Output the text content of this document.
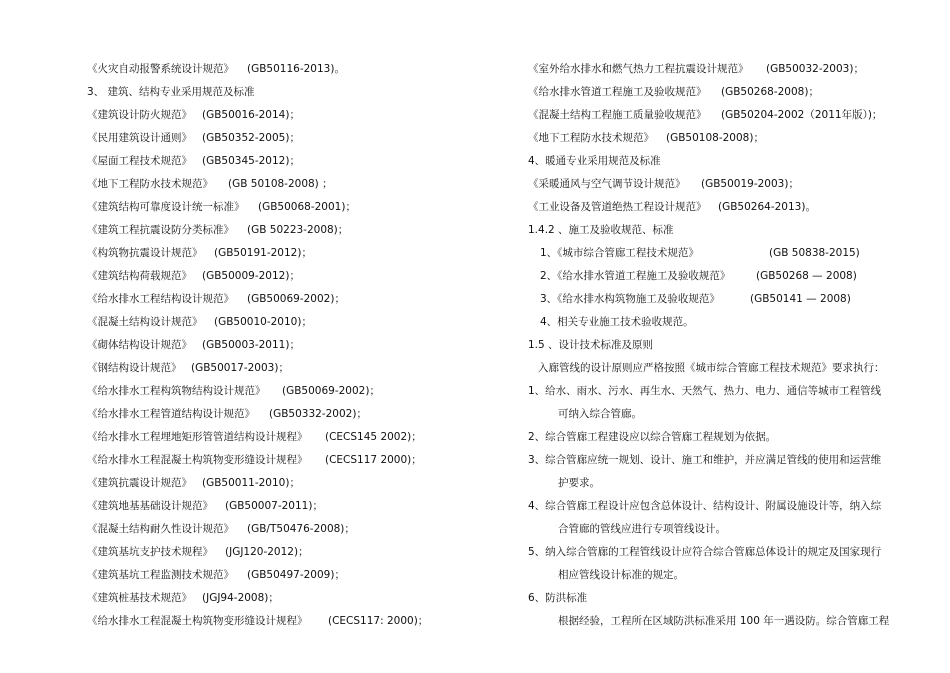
《火灾自动报警系统设计规范》 (GB50116-2013)。
3、 建筑、结构专业采用规范及标准
《建筑设计防火规范》 (GB50016-2014)；
《民用建筑设计通则》 (GB50352-2005)；
《屋面工程技术规范》 (GB50345-2012)；
《地下工程防水技术规范》 (GB 50108-2008) ；
《建筑结构可靠度设计统一标准》 (GB50068-2001)；
《建筑工程抗震设防分类标准》 (GB 50223-2008)；
《构筑物抗震设计规范》 (GB50191-2012)；
《建筑结构荷载规范》 (GB50009-2012)；
《给水排水工程结构设计规范》 (GB50069-2002)；
《混凝土结构设计规范》 (GB50010-2010)；
《砌体结构设计规范》 (GB50003-2011)；
《钢结构设计规范》 (GB50017-2003)；
《给水排水工程构筑物结构设计规范》 (GB50069-2002)；
《给水排水工程管道结构设计规范》 (GB50332-2002)；
《给水排水工程埋地矩形管管道结构设计规程》 (CECS145 2002)；
《给水排水工程混凝土构筑物变形缝设计规程》 (CECS117 2000)；
《建筑抗震设计规范》 (GB50011-2010)；
《建筑地基基础设计规范》 (GB50007-2011)；
《混凝土结构耐久性设计规范》 (GB/T50476-2008)；
《建筑基坑支护技术规程》 (JGJ120-2012)；
《建筑基坑工程监测技术规范》 (GB50497-2009)；
《建筑桩基技术规范》 (JGJ94-2008)；
《给水排水工程混凝土构筑物变形缝设计规程》 (CECS117: 2000)；
《室外给水排水和燃气热力工程抗震设计规范》 (GB50032-2003)；
《给水排水管道工程施工及验收规范》 (GB50268-2008)；
《混凝土结构工程施工质量验收规范》 (GB50204-2002（2011年版）)；
《地下工程防水技术规范》 (GB50108-2008)；
4、暖通专业采用规范及标准
《采暖通风与空气调节设计规范》 (GB50019-2003)；
《工业设备及管道绝热工程设计规范》 (GB50264-2013)。
1.4.2 、施工及验收规范、标准
1、《城市综合管廊工程技术规范》	(GB 50838-2015)
2、《给水排水管道工程施工及验收规范》 (GB50268 — 2008)
3、《给水排水构筑物施工及验收规范》	(GB50141 — 2008)
4、相关专业施工技术验收规范。
1.5 、设计技术标准及原则
入廊管线的设计原则应严格按照《城市综合管廊工程技术规范》要求执行：
1、给水、雨水、污水、再生水、天然气、热力、电力、通信等城市工程管线
可纳入综合管廊。
2、综合管廊工程建设应以综合管廊工程规划为依据。
3、综合管廊应统一规划、设计、施工和维护，并应满足管线的使用和运营维
护要求。
4、综合管廊工程设计应包含总体设计、结构设计、附属设施设计等，纳入综
合管廊的管线应进行专项管线设计。
5、纳入综合管廊的工程管线设计应符合综合管廊总体设计的规定及国家现行
相应管线设计标准的规定。
6、防洪标准
根据经验，工程所在区域防洪标准采用 100 年一遇设防。综合管廊工程
